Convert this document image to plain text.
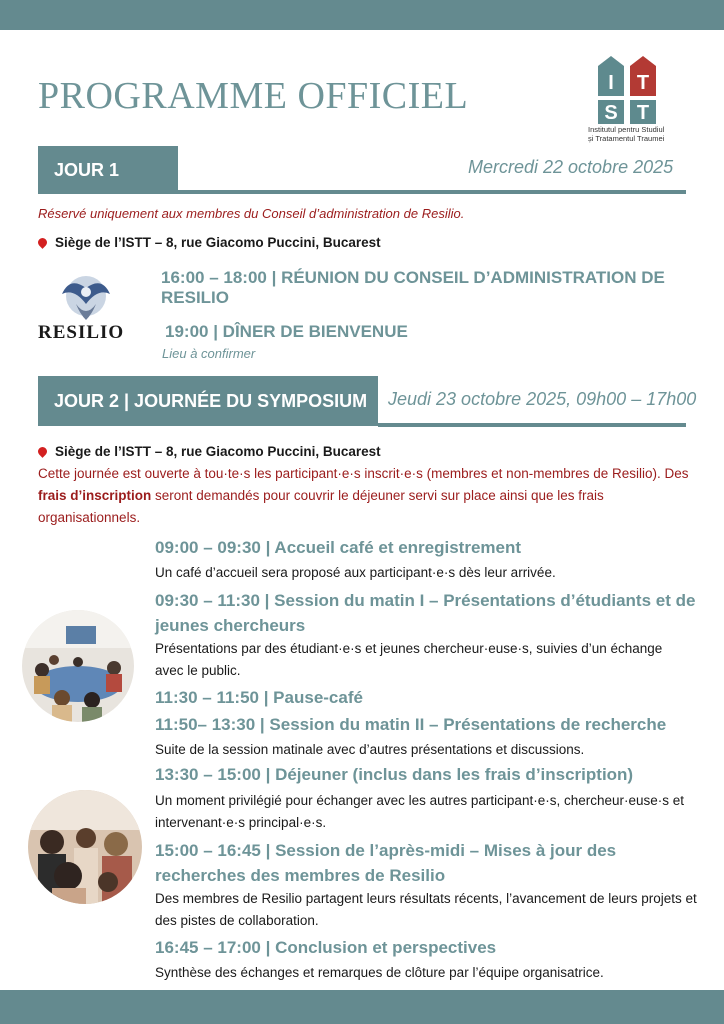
PROGRAMME OFFICIEL	I T
S T
Institutul pentru Studiul
și Tratamentul Traumei
JOUR 1	Mercredi 22 octobre 2025
Réservé uniquement aux membres du Conseil d’administration de Resilio.
Siège de l’ISTT – 8, rue Giacomo Puccini, Bucarest
RESILIO
16:00 – 18:00 | RÉUNION DU CONSEIL D’ADMINISTRATION DE RESILIO
19:00 | DÎNER DE BIENVENUE
Lieu à confirmer
JOUR 2 | JOURNÉE DU SYMPOSIUM	Jeudi 23 octobre 2025, 09h00 – 17h00
Siège de l’ISTT – 8, rue Giacomo Puccini, Bucarest

Cette journée est ouverte à tou·te·s les participant·e·s inscrit·e·s (membres et non-membres de Resilio). Des frais d’inscription seront demandés pour couvrir le déjeuner servi sur place ainsi que les frais organisationnels.

09:00 – 09:30 | Accueil café et enregistrement

Un café d’accueil sera proposé aux participant·e·s dès leur arrivée.

09:30 – 11:30 | Session du matin I – Présentations d’étudiants et de jeunes chercheurs

Présentations par des étudiant·e·s et jeunes chercheur·euse·s, suivies d’un échange avec le public.

11:30 – 11:50 | Pause-café
11:50– 13:30 | Session du matin II – Présentations de recherche

Suite de la session matinale avec d’autres présentations et discussions.

13:30 – 15:00 | Déjeuner (inclus dans les frais d’inscription)

Un moment privilégié pour échanger avec les autres participant·e·s, chercheur·euse·s et intervenant·e·s principal·e·s.

15:00 – 16:45 | Session de l’après-midi – Mises à jour des recherches des membres de Resilio

Des membres de Resilio partagent leurs résultats récents, l’avancement de leurs projets et des pistes de collaboration.

16:45 – 17:00 | Conclusion et perspectives

Synthèse des échanges et remarques de clôture par l’équipe organisatrice.
